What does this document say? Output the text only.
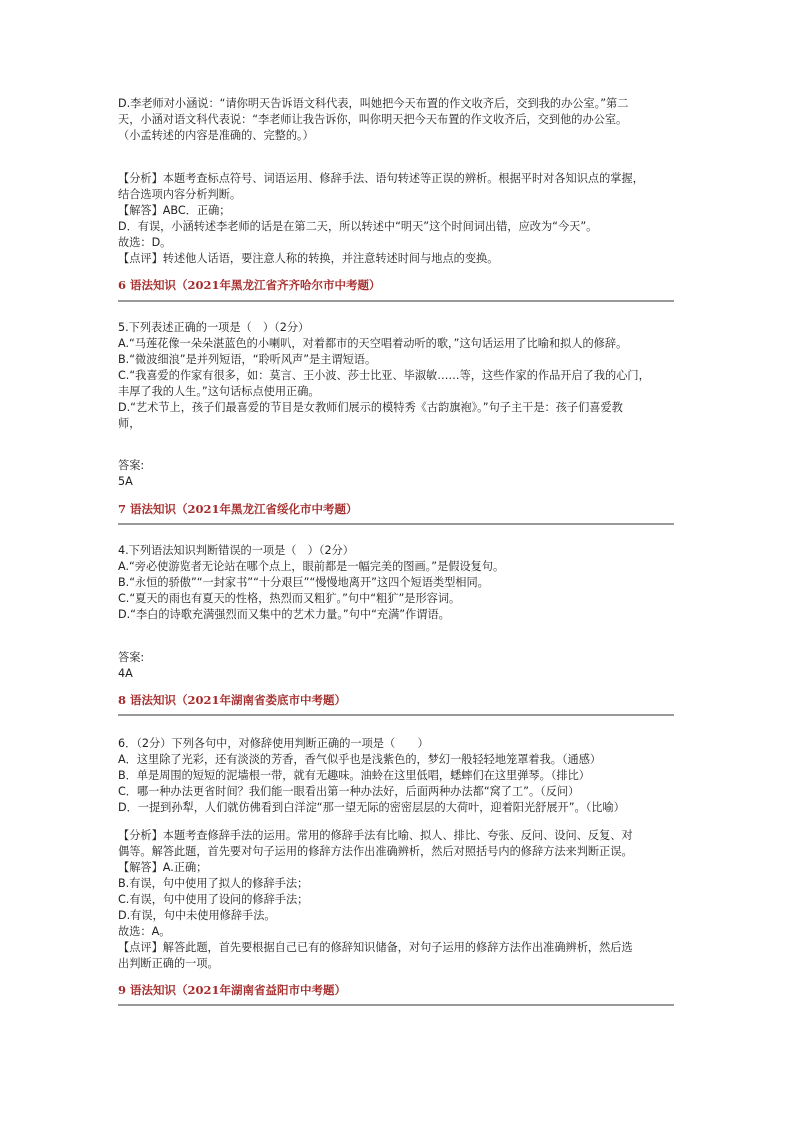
D.李老师对小涵说：“请你明天告诉语文科代表，叫她把今天布置的作文收齐后，交到我的办公室。”第二
天，小涵对语文科代表说：“李老师让我告诉你，叫你明天把今天布置的作文收齐后，交到他的办公室。
（小孟转述的内容是准确的、完整的。）
【分析】本题考查标点符号、词语运用、修辞手法、语句转述等正误的辨析。根据平时对各知识点的掌握，
结合选项内容分析判断。
【解答】ABC．正确；
D．有误，小涵转述李老师的话是在第二天，所以转述中“明天”这个时间词出错，应改为“今天”。
故选：D。
【点评】转述他人话语，要注意人称的转换，并注意转述时间与地点的变换。
6 语法知识（2021年黑龙江省齐齐哈尔市中考题）
5.下列表述正确的一项是（　）（2分）
A.“马莲花像一朵朵湛蓝色的小喇叭，对着都市的天空唱着动听的歌，”这句话运用了比喻和拟人的修辞。
B.“微波细浪”是并列短语，“聆听风声”是主谓短语。
C.“我喜爱的作家有很多，如：莫言、王小波、莎士比亚、毕淑敏……等，这些作家的作品开启了我的心门，
丰厚了我的人生。”这句话标点使用正确。
D.“艺术节上，孩子们最喜爱的节目是女教师们展示的模特秀《古韵旗袍》。”句子主干是：孩子们喜爱教
师，
答案:
5A
7 语法知识（2021年黑龙江省绥化市中考题）
4.下列语法知识判断错误的一项是（　）（2分）
A.“旁必使游览者无论站在哪个点上，眼前都是一幅完美的图画。”是假设复句。
B.“永恒的骄傲”“一封家书”“十分艰巨”“慢慢地离开”这四个短语类型相同。
C.“夏天的雨也有夏天的性格，热烈而又粗犷。”句中“粗犷”是形容词。
D.“李白的诗歌充满强烈而又集中的艺术力量。”句中“充满”作谓语。
答案:
4A
8 语法知识（2021年湖南省娄底市中考题）
6．（2分）下列各句中，对修辞使用判断正确的一项是（　　）
A．这里除了光彩，还有淡淡的芳香，香气似乎也是浅紫色的，梦幻一般轻轻地笼罩着我。（通感）
B．单是周围的短短的泥墙根一带，就有无趣味。油蛉在这里低唱，蟋蟀们在这里弹琴。（排比）
C．哪一种办法更省时间？我们能一眼看出第一种办法好，后面两种办法都“窝了工”。（反问）
D．一提到孙犁，人们就仿佛看到白洋淀“那一望无际的密密层层的大荷叶，迎着阳光舒展开”。（比喻）
【分析】本题考查修辞手法的运用。常用的修辞手法有比喻、拟人、排比、夸张、反问、设问、反复、对
偶等。解答此题，首先要对句子运用的修辞方法作出准确辨析，然后对照括号内的修辞方法来判断正误。
【解答】A.正确；
B.有误，句中使用了拟人的修辞手法；
C.有误，句中使用了设问的修辞手法；
D.有误，句中未使用修辞手法。
故选：A。
【点评】解答此题，首先要根据自己已有的修辞知识储备，对句子运用的修辞方法作出准确辨析，然后选
出判断正确的一项。
9 语法知识（2021年湖南省益阳市中考题）
